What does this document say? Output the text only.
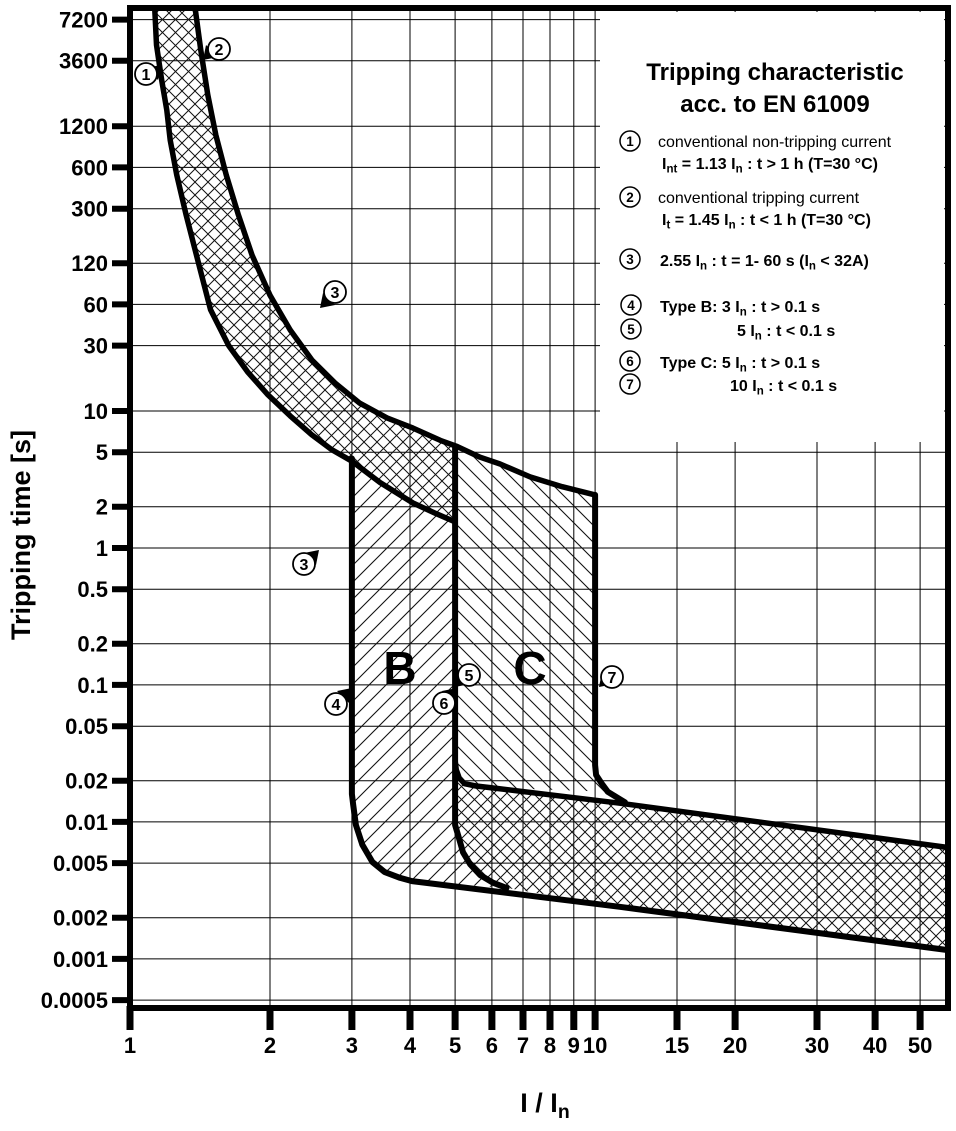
7200
3600
1200
600
300
120
60
30
10
5
2
1
0.5
0.2
0.1
0.05
0.02
0.01
0.005
0.002
0.001
0.0005
1	2	3 4 5 6 7 8 9 10	15 20	30 40 50
Tripping time [s]
I / $I_n$
Tripping characteristic
acc. to EN 61009
B C
1
2
3
3
4
5
6
7
1 conventional non-tripping current
$I_{nt} = 1.13$ $I_n$ : t > 1 h (T=30 °C)
2 conventional tripping current
$I_t = 1.45$ $I_n$ : t < 1 h (T=30 °C)
3 2.55 $I_n$ : t = 1- 60 s $(I_n < 32A)$
4 Type B: 3 $I_n$ : t > 0.1 s
5	5 $I_n$ : t < 0.1 s
6 Type C: 5 $I_n$ : t > 0.1 s
7	10 $I_n$ : t < 0.1 s
